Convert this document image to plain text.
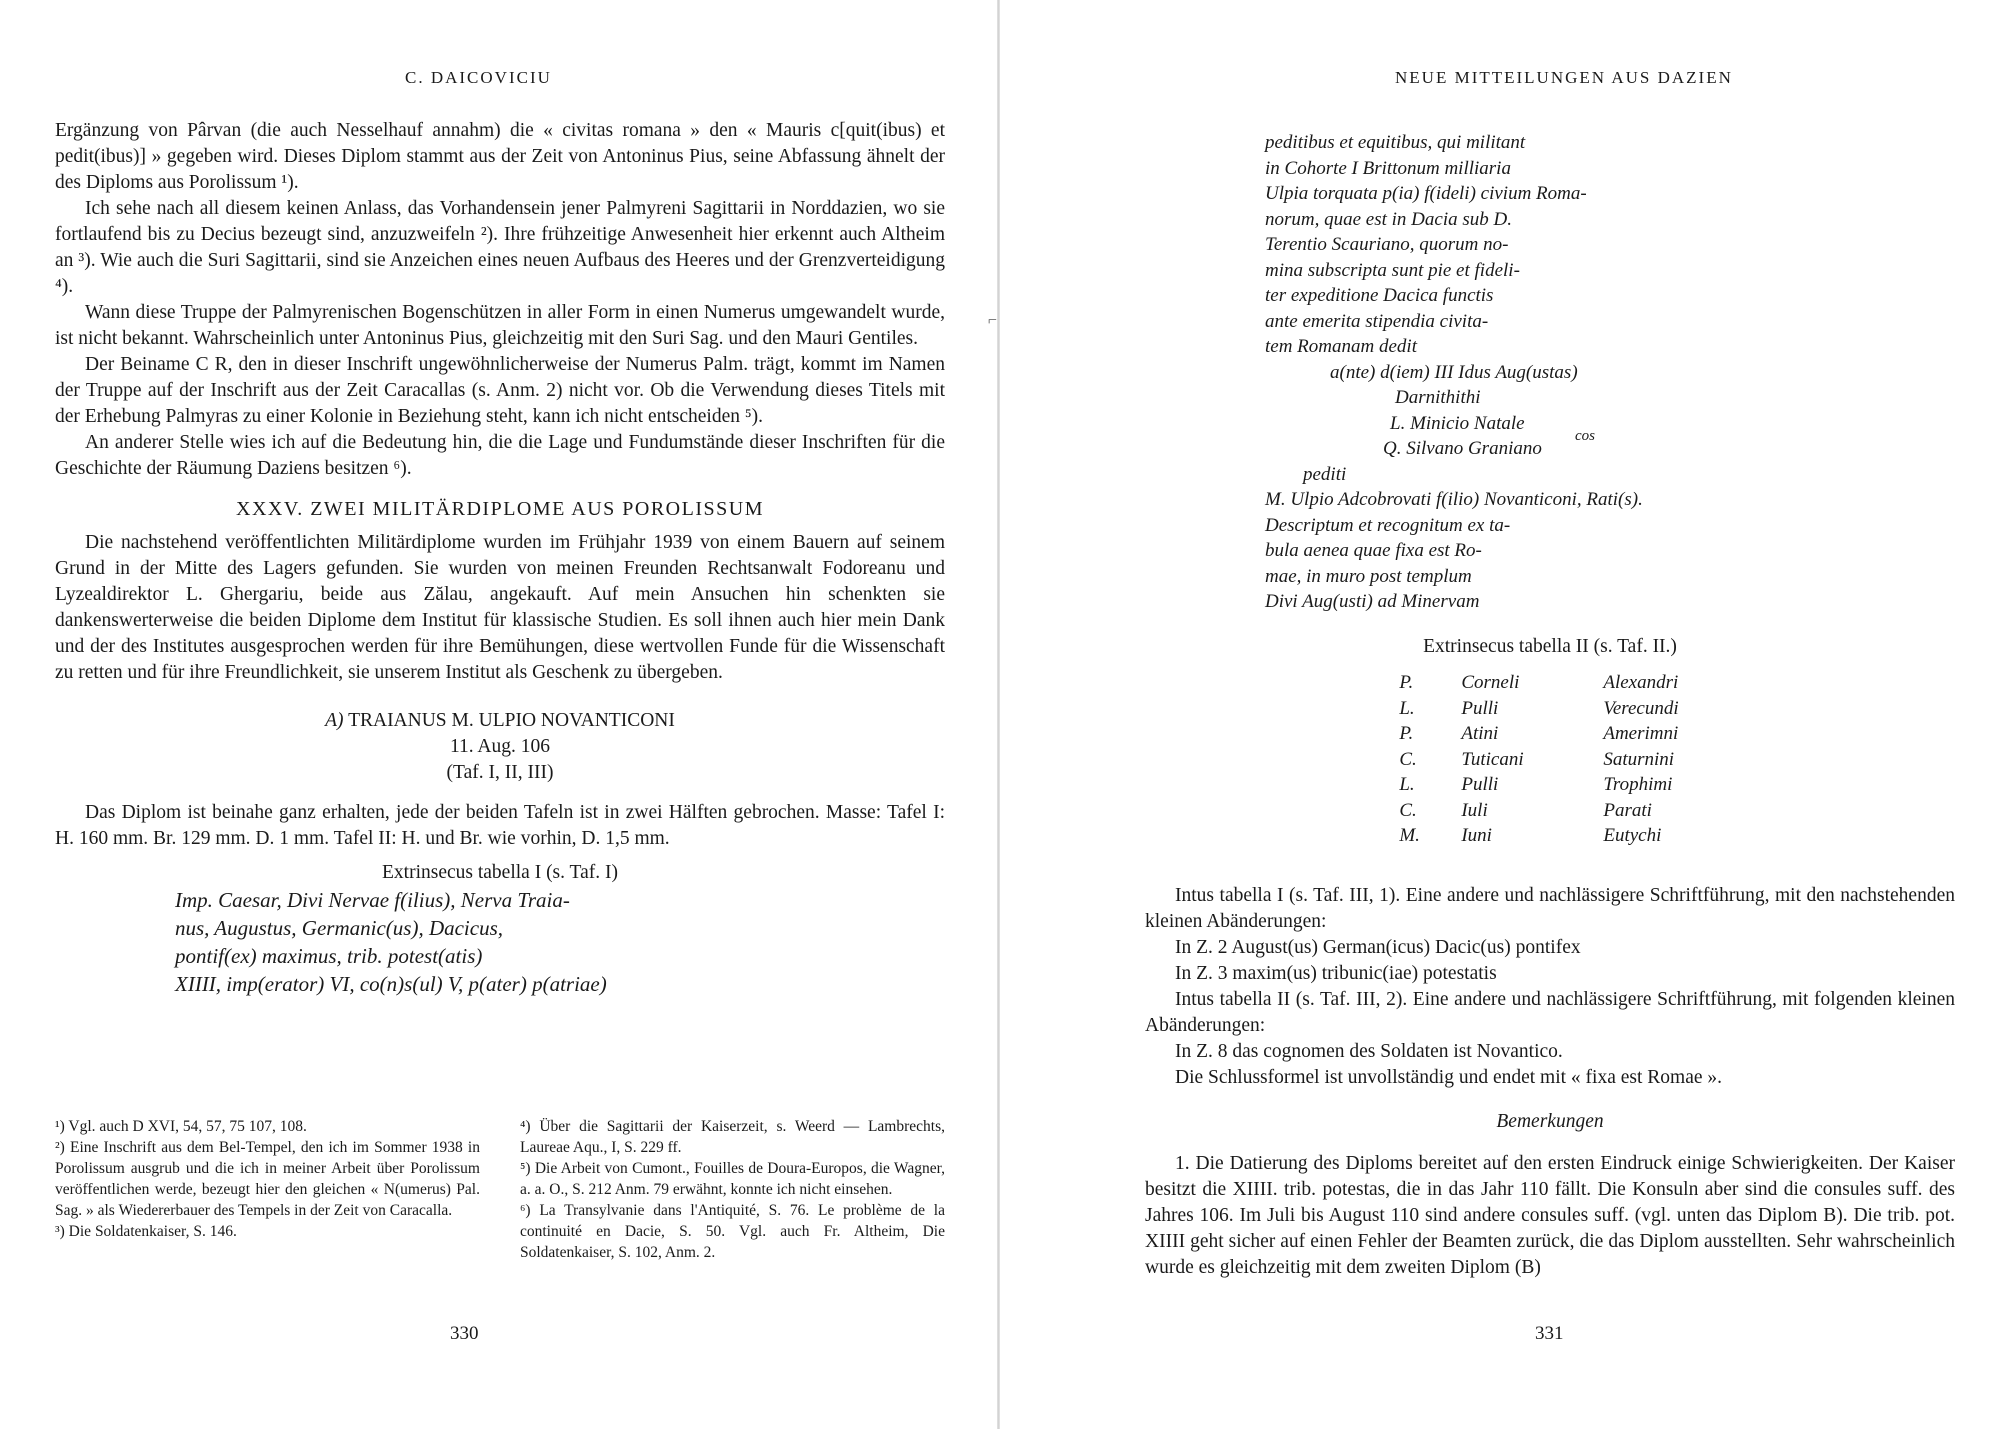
⌐
C. DAICOVICIU

Ergänzung von Pârvan (die auch Nesselhauf annahm) die « civitas romana » den « Mauris c[quit(ibus) et pedit(ibus)] » gegeben wird. Dieses Diplom stammt aus der Zeit von Antoninus Pius, seine Abfassung ähnelt der des Diploms aus Porolissum ¹).

Ich sehe nach all diesem keinen Anlass, das Vorhandensein jener Palmyreni Sagittarii in Norddazien, wo sie fortlaufend bis zu Decius bezeugt sind, anzuzweifeln ²). Ihre frühzeitige Anwesenheit hier erkennt auch Altheim an ³). Wie auch die Suri Sagittarii, sind sie Anzeichen eines neuen Aufbaus des Heeres und der Grenzverteidigung ⁴).

Wann diese Truppe der Palmyrenischen Bogenschützen in aller Form in einen Numerus umgewandelt wurde, ist nicht bekannt. Wahrscheinlich unter Antoninus Pius, gleichzeitig mit den Suri Sag. und den Mauri Gentiles.

Der Beiname C R, den in dieser Inschrift ungewöhnlicherweise der Numerus Palm. trägt, kommt im Namen der Truppe auf der Inschrift aus der Zeit Caracallas (s. Anm. 2) nicht vor. Ob die Verwendung dieses Titels mit der Erhebung Palmyras zu einer Kolonie in Beziehung steht, kann ich nicht entscheiden ⁵).

An anderer Stelle wies ich auf die Bedeutung hin, die die Lage und Fundumstände dieser Inschriften für die Geschichte der Räumung Daziens besitzen ⁶).

XXXV. ZWEI MILITÄRDIPLOME AUS POROLISSUM

Die nachstehend veröffentlichten Militärdiplome wurden im Frühjahr 1939 von einem Bauern auf seinem Grund in der Mitte des Lagers gefunden. Sie wurden von meinen Freunden Rechtsanwalt Fodoreanu und Lyzealdirektor L. Ghergariu, beide aus Zălau, angekauft. Auf mein Ansuchen hin schenkten sie dankenswerterweise die beiden Diplome dem Institut für klassische Studien. Es soll ihnen auch hier mein Dank und der des Institutes ausgesprochen werden für ihre Bemühungen, diese wertvollen Funde für die Wissenschaft zu retten und für ihre Freundlichkeit, sie unserem Institut als Geschenk zu übergeben.

A) TRAIANUS M. ULPIO NOVANTICONI

11. Aug. 106

(Taf. I, II, III)

Das Diplom ist beinahe ganz erhalten, jede der beiden Tafeln ist in zwei Hälften gebrochen. Masse: Tafel I: H. 160 mm. Br. 129 mm. D. 1 mm. Tafel II: H. und Br. wie vorhin, D. 1,5 mm.

Extrinsecus tabella I (s. Taf. I)

Imp. Caesar, Divi Nervae f(ilius), Nerva Traia-
nus, Augustus, Germanic(us), Dacicus,
pontif(ex) maximus, trib. potest(atis)
XIIII, imp(erator) VI, co(n)s(ul) V, p(ater) p(atriae)

¹) Vgl. auch D XVI, 54, 57, 75 107, 108.

²) Eine Inschrift aus dem Bel-Tempel, den ich im Sommer 1938 in Porolissum ausgrub und die ich in meiner Arbeit über Porolissum veröffentlichen werde, bezeugt hier den gleichen « N(umerus) Pal. Sag. » als Wiedererbauer des Tempels in der Zeit von Caracalla.

³) Die Soldatenkaiser, S. 146.

⁴) Über die Sagittarii der Kaiserzeit, s. Weerd — Lambrechts, Laureae Aqu., I, S. 229 ff.

⁵) Die Arbeit von Cumont., Fouilles de Doura-Europos, die Wagner, a. a. O., S. 212 Anm. 79 erwähnt, konnte ich nicht einsehen.

⁶) La Transylvanie dans l'Antiquité, S. 76. Le problème de la continuité en Dacie, S. 50. Vgl. auch Fr. Altheim, Die Soldatenkaiser, S. 102, Anm. 2.

330
NEUE MITTEILUNGEN AUS DAZIEN
peditibus et equitibus, qui militant
in Cohorte I Brittonum milliaria
Ulpia torquata p(ia) f(ideli) civium Roma-
norum, quae est in Dacia sub D.
Terentio Scauriano, quorum no-
mina subscripta sunt pie et fideli-
ter expeditione Dacica functis
ante emerita stipendia civita-
tem Romanam dedit
a(nte) d(iem) III Idus Aug(ustas)
Darnithithi
L. Minicio Natale
Q. Silvano Graniano
pediti
M. Ulpio Adcobrovati f(ilio) Novanticoni, Rati(s).
Descriptum et recognitum ex ta-
bula aenea quae fixa est Ro-
mae, in muro post templum
Divi Aug(usti) ad Minervam
cos

Extrinsecus tabella II (s. Taf. II.)

P.	Corneli	Alexandri
L.	Pulli	Verecundi
P.	Atini	Amerimni
C.	Tuticani	Saturnini
L.	Pulli	Trophimi
C.	Iuli	Parati
M.	Iuni	Eutychi

Intus tabella I (s. Taf. III, 1). Eine andere und nachlässigere Schriftführung, mit den nachstehenden kleinen Abänderungen:

In Z. 2 August(us) German(icus) Dacic(us) pontifex

In Z. 3 maxim(us) tribunic(iae) potestatis

Intus tabella II (s. Taf. III, 2). Eine andere und nachlässigere Schriftführung, mit folgenden kleinen Abänderungen:

In Z. 8 das cognomen des Soldaten ist Novantico.

Die Schlussformel ist unvollständig und endet mit « fixa est Romae ».

Bemerkungen

1. Die Datierung des Diploms bereitet auf den ersten Eindruck einige Schwierigkeiten. Der Kaiser besitzt die XIIII. trib. potestas, die in das Jahr 110 fällt. Die Konsuln aber sind die consules suff. des Jahres 106. Im Juli bis August 110 sind andere consules suff. (vgl. unten das Diplom B). Die trib. pot. XIIII geht sicher auf einen Fehler der Beamten zurück, die das Diplom ausstellten. Sehr wahrscheinlich wurde es gleichzeitig mit dem zweiten Diplom (B)

331
